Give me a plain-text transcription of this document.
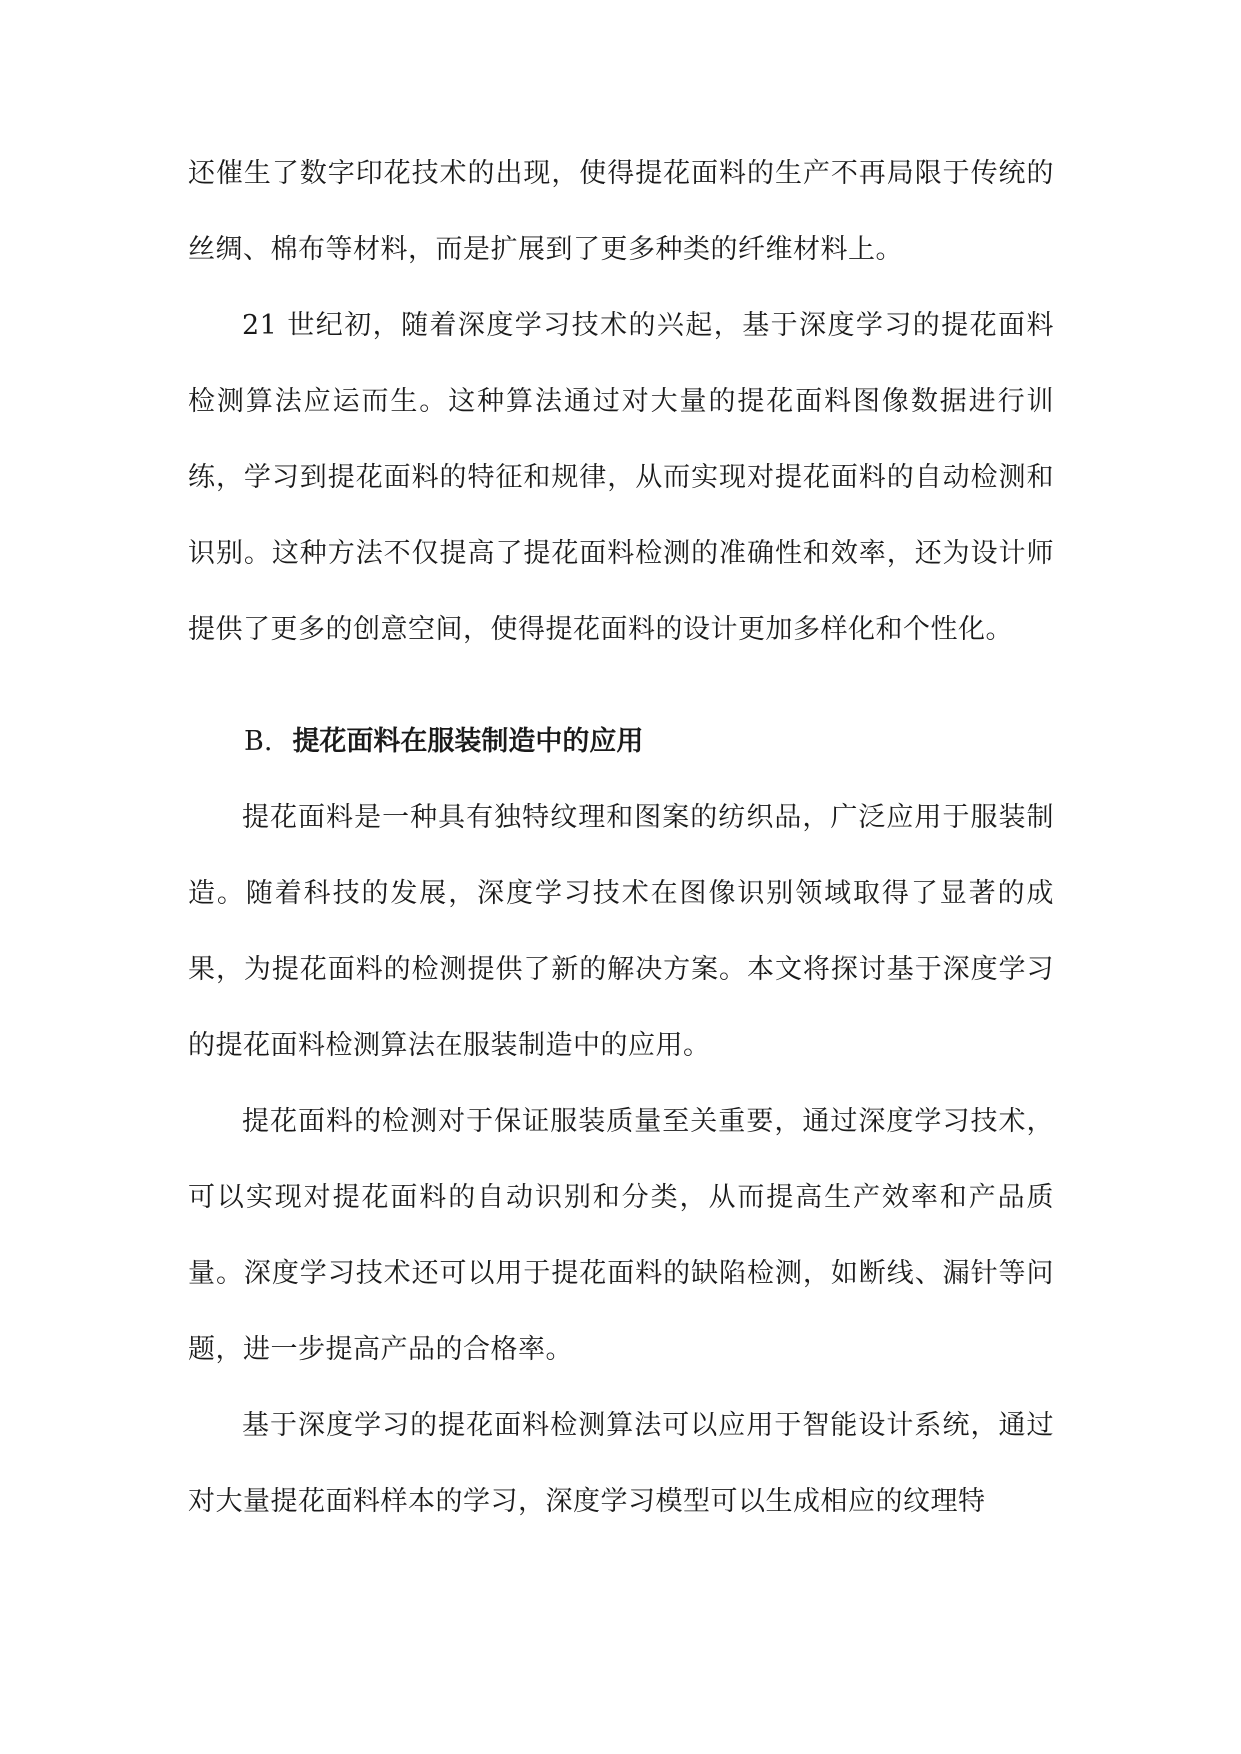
还催生了数字印花技术的出现，使得提花面料的生产不再局限于传统的丝绸、棉布等材料，而是扩展到了更多种类的纤维材料上。

21 世纪初，随着深度学习技术的兴起，基于深度学习的提花面料检测算法应运而生。这种算法通过对大量的提花面料图像数据进行训练，学习到提花面料的特征和规律，从而实现对提花面料的自动检测和识别。这种方法不仅提高了提花面料检测的准确性和效率，还为设计师提供了更多的创意空间，使得提花面料的设计更加多样化和个性化。

B. 提花面料在服装制造中的应用

提花面料是一种具有独特纹理和图案的纺织品，广泛应用于服装制造。随着科技的发展，深度学习技术在图像识别领域取得了显著的成果，为提花面料的检测提供了新的解决方案。本文将探讨基于深度学习的提花面料检测算法在服装制造中的应用。

提花面料的检测对于保证服装质量至关重要，通过深度学习技术，可以实现对提花面料的自动识别和分类，从而提高生产效率和产品质量。深度学习技术还可以用于提花面料的缺陷检测，如断线、漏针等问题，进一步提高产品的合格率。

基于深度学习的提花面料检测算法可以应用于智能设计系统，通过对大量提花面料样本的学习，深度学习模型可以生成相应的纹理特
